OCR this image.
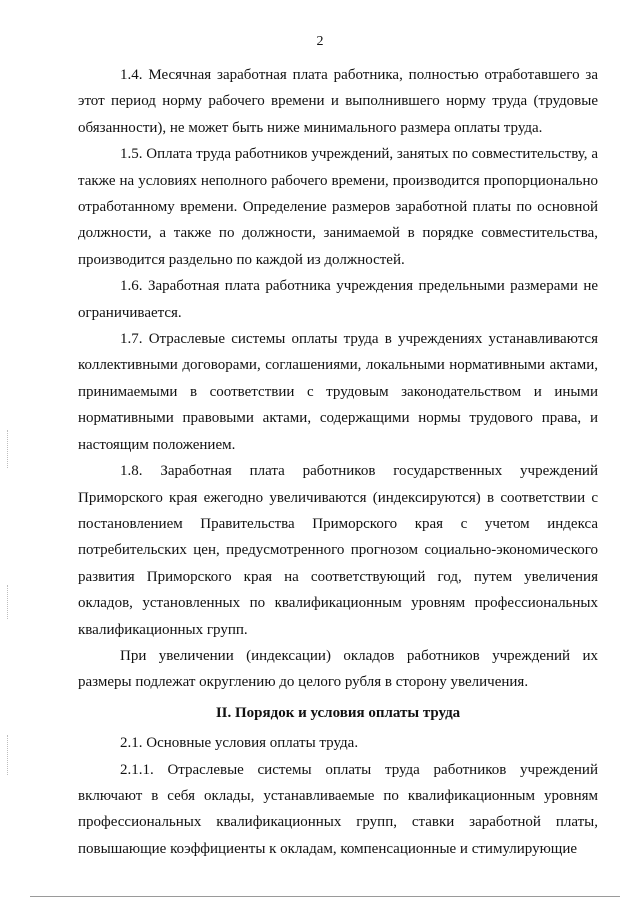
2

1.4. Месячная заработная плата работника, полностью отработавшего за этот период норму рабочего времени и выполнившего норму труда (трудовые обязанности), не может быть ниже минимального размера оплаты труда.

1.5. Оплата труда работников учреждений, занятых по совместительству, а также на условиях неполного рабочего времени, производится пропорционально отработанному времени. Определение размеров заработной платы по основной должности, а также по должности, занимаемой в порядке совместительства, производится раздельно по каждой из должностей.

1.6. Заработная плата работника учреждения предельными размерами не ограничивается.

1.7. Отраслевые системы оплаты труда в учреждениях устанавливаются коллективными договорами, соглашениями, локальными нормативными актами, принимаемыми в соответствии с трудовым законодательством и иными нормативными правовыми актами, содержащими нормы трудового права, и настоящим положением.

1.8. Заработная плата работников государственных учреждений Приморского края ежегодно увеличиваются (индексируются) в соответствии с постановлением Правительства Приморского края с учетом индекса потребительских цен, предусмотренного прогнозом социально-экономического развития Приморского края на соответствующий год, путем увеличения окладов, установленных по квалификационным уровням профессиональных квалификационных групп.

При увеличении (индексации) окладов работников учреждений их размеры подлежат округлению до целого рубля в сторону увеличения.

II. Порядок и условия оплаты труда

2.1. Основные условия оплаты труда.

2.1.1. Отраслевые системы оплаты труда работников учреждений включают в себя оклады, устанавливаемые по квалификационным уровням профессиональных квалификационных групп, ставки заработной платы, повышающие коэффициенты к окладам, компенсационные и стимулирующие
